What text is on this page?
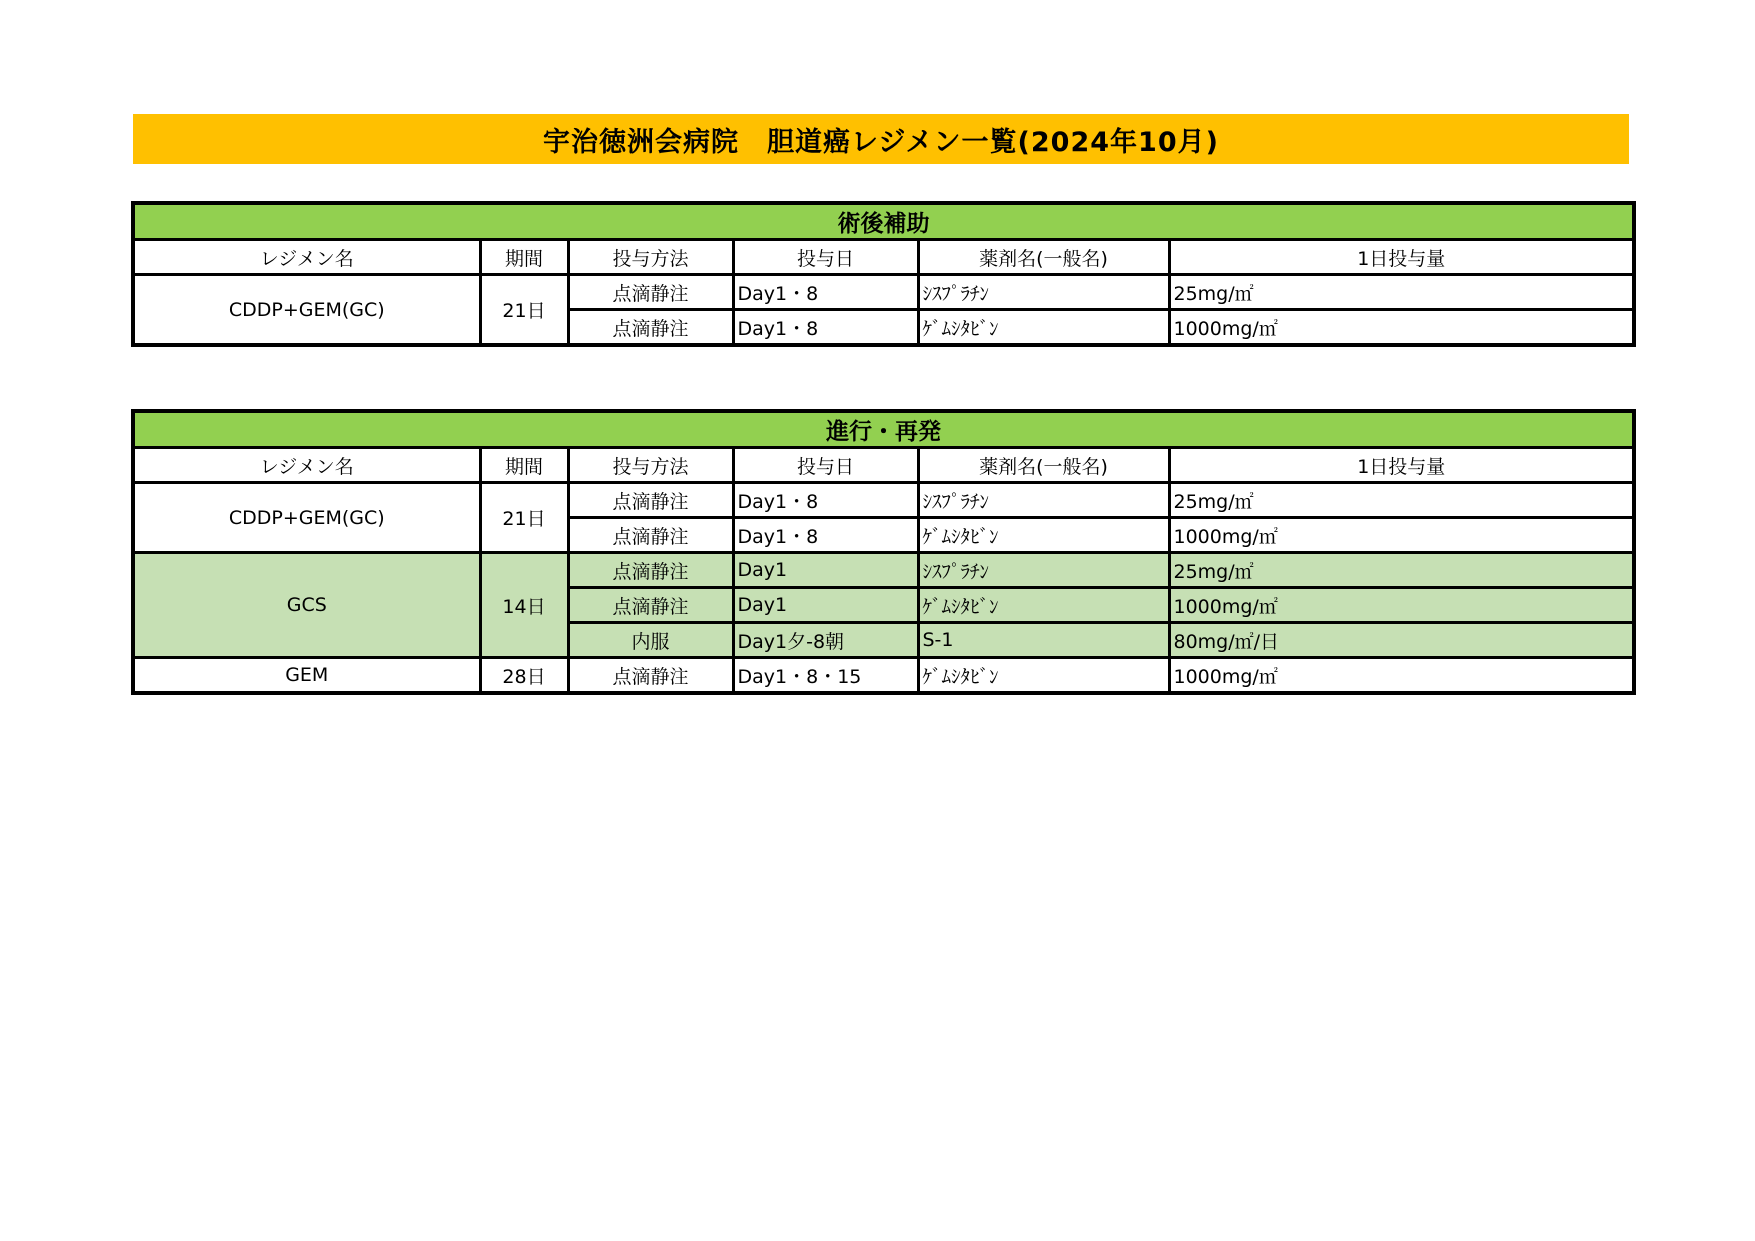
宇治徳洲会病院　胆道癌レジメン一覧(2024年10月)
術後補助					
レジメン名	期間	投与方法	投与日	薬剤名(一般名)	1日投与量
CDDP+GEM(GC)	21日	点滴静注	Day1・8	ｼｽﾌﾟﾗﾁﾝ	25mg/㎡
		点滴静注	Day1・8	ｹﾞﾑｼﾀﾋﾞﾝ	1000mg/㎡
進行・再発					
レジメン名	期間	投与方法	投与日	薬剤名(一般名)	1日投与量
CDDP+GEM(GC)	21日	点滴静注	Day1・8	ｼｽﾌﾟﾗﾁﾝ	25mg/㎡
		点滴静注	Day1・8	ｹﾞﾑｼﾀﾋﾞﾝ	1000mg/㎡
GCS	14日	点滴静注	Day1	ｼｽﾌﾟﾗﾁﾝ	25mg/㎡
		点滴静注	Day1	ｹﾞﾑｼﾀﾋﾞﾝ	1000mg/㎡
		内服	Day1夕-8朝	S-1	80mg/㎡/日
GEM	28日	点滴静注	Day1・8・15	ｹﾞﾑｼﾀﾋﾞﾝ	1000mg/㎡
